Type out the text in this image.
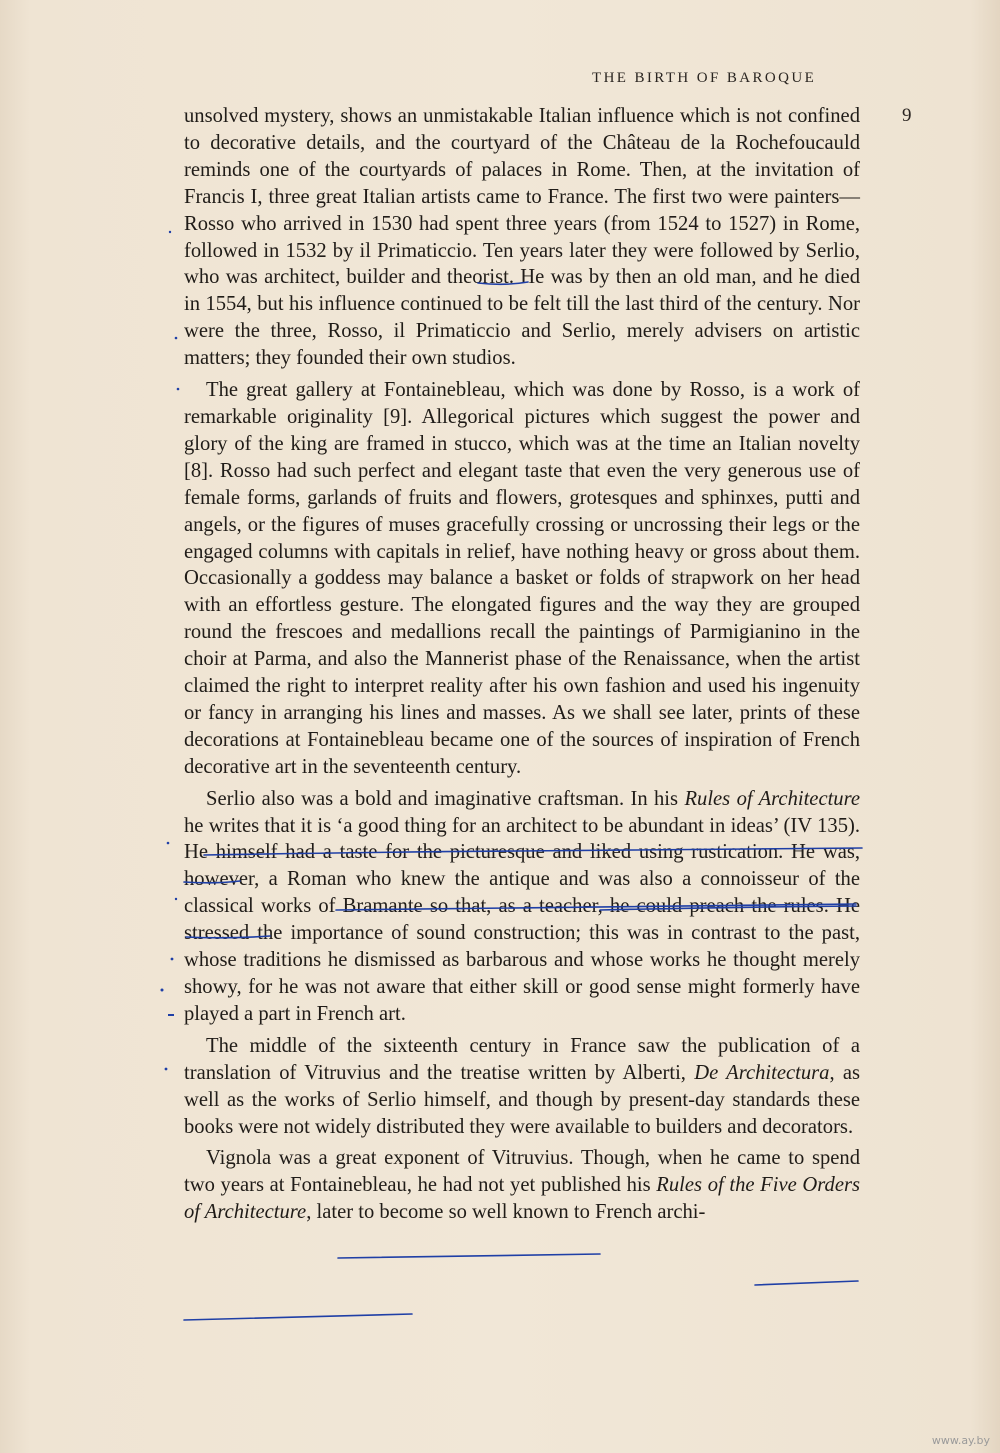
THE BIRTH OF BAROQUE
9

unsolved mystery, shows an unmistakable Italian influence which is not confined to decorative details, and the courtyard of the Château de la Rochefoucauld reminds one of the courtyards of palaces in Rome. Then, at the invitation of Francis I, three great Italian artists came to France. The first two were painters—Rosso who arrived in 1530 had spent three years (from 1524 to 1527) in Rome, followed in 1532 by il Primaticcio. Ten years later they were followed by Serlio, who was architect, builder and theorist. He was by then an old man, and he died in 1554, but his influence continued to be felt till the last third of the century. Nor were the three, Rosso, il Primaticcio and Serlio, merely advisers on artistic matters; they founded their own studios.

The great gallery at Fontainebleau, which was done by Rosso, is a work of remarkable originality [9]. Allegorical pictures which suggest the power and glory of the king are framed in stucco, which was at the time an Italian novelty [8]. Rosso had such perfect and elegant taste that even the very generous use of female forms, garlands of fruits and flowers, grotesques and sphinxes, putti and angels, or the figures of muses gracefully crossing or uncrossing their legs or the engaged columns with capitals in relief, have nothing heavy or gross about them. Occasionally a goddess may balance a basket or folds of strapwork on her head with an effortless gesture. The elongated figures and the way they are grouped round the frescoes and medallions recall the paintings of Parmigianino in the choir at Parma, and also the Mannerist phase of the Renaissance, when the artist claimed the right to interpret reality after his own fashion and used his ingenuity or fancy in arranging his lines and masses. As we shall see later, prints of these decorations at Fontainebleau became one of the sources of inspiration of French decorative art in the seventeenth century.

Serlio also was a bold and imaginative craftsman. In his Rules of Architecture he writes that it is ‘a good thing for an architect to be abundant in ideas’ (IV 135). He himself had a taste for the picturesque and liked using rustication. He was, however, a Roman who knew the antique and was also a connoisseur of the classical works of Bramante so that, as a teacher, he could preach the rules. He stressed the importance of sound construction; this was in contrast to the past, whose traditions he dismissed as barbarous and whose works he thought merely showy, for he was not aware that either skill or good sense might formerly have played a part in French art.

The middle of the sixteenth century in France saw the publication of a translation of Vitruvius and the treatise written by Alberti, De Architectura, as well as the works of Serlio himself, and though by present-day standards these books were not widely distributed they were available to builders and decorators.

Vignola was a great exponent of Vitruvius. Though, when he came to spend two years at Fontainebleau, he had not yet published his Rules of the Five Orders of Architecture, later to become so well known to French archi-

www.ay.by
